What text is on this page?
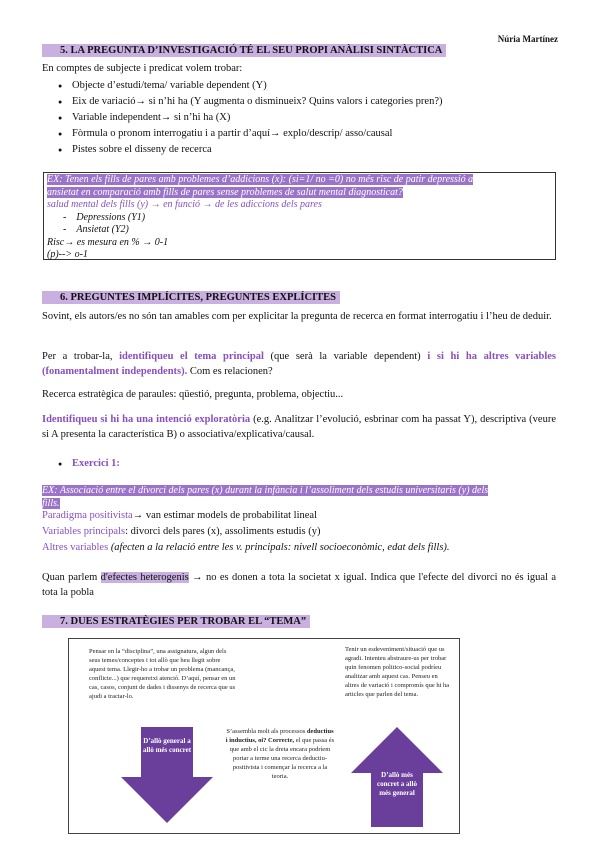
Núria Martínez
5. LA PREGUNTA D’INVESTIGACIÓ TÉ EL SEU PROPI ANÀLISI SINTÀCTICA
En comptes de subjecte i predicat volem trobar:
● Objecte d’estudi/tema/ variable dependent (Y)
● Eix de variació→ si n’hi ha (Y augmenta o disminueix? Quins valors i categories pren?)
● Variable independent→ si n’hi ha (X)
● Fòrmula o pronom interrogatiu i a partir d’aquí→ explo/descrip/ asso/causal
● Pistes sobre el disseny de recerca
EX: Tenen els fills de pares amb problemes d’addicions (x): (si=1/ no =0) no més risc de patir depressió a
ansietat en comparació amb fills de pares sense problemes de salut mental diagnosticat?
salud mental dels fills (y) → en funció → de les adiccions dels pares
-    Depressions (Y1)
-    Ansietat (Y2)
Risc→ es mesura en % → 0-1
(p)--> o-1
6. PREGUNTES IMPLÍCITES, PREGUNTES EXPLÍCITES
Sovint, els autors/es no són tan amables com per explicitar la pregunta de recerca en format interrogatiu i l’heu de deduir.
Per a trobar-la, identifiqueu el tema principal (que serà la variable dependent) i si hi ha altres variables (fonamentalment independents). Com es relacionen?
Recerca estratègica de paraules: qüestió, pregunta, problema, objectiu...
Identifiqueu si hi ha una intenció exploratòria (e.g. Analitzar l’evolució, esbrinar com ha passat Y), descriptiva (veure si A presenta la característica B) o associativa/explicativa/causal.
● Exercici 1:
EX: Associació entre el divorci dels pares (x) durant la infància i l’assoliment dels estudis universitaris (y) dels
fills.
Paradigma positivista→ van estimar models de probabilitat lineal
Variables principals: divorci dels pares (x), assoliments estudis (y)
Altres variables (afecten a la relació entre les v. principals: nivell socioeconòmic, edat dels fills).
Quan parlem d'efectes heterogenis → no es donen a tota la societat x igual. Indica que l'efecte del divorci no és igual a tota la pobla
7. DUES ESTRATÈGIES PER TROBAR EL “TEMA”
Pensar en la “disciplina”, una assignatura, algun dels seus temes/conceptes i tot allò que heu llegit sobre aquest tema. Llegir-ho a trobar un problema (mancança, conflicte...) que requereixi atenció. D’aquí, pensar en un cas, casos, conjunt de dades i dissenys de recerca que us ajudi a tractar-lo.
D’allò general a allò més concret
S’assembla molt als processos deductius i inductius, oi? Correcte, el que passa és que amb el cic la dreta encara podríem portar a terme una recerca deductiu-positivista i començar la recerca a la teoria.
Tenir un esdeveniment/situació que us agradi. Intenteu abstraure-us per trobar quin fenomen politico-social podríeu analitzar amb aquest cas. Penseu en altres de variació i compromís que hi ha articles que parlen del tema.
D’allò més concret a allò més general
